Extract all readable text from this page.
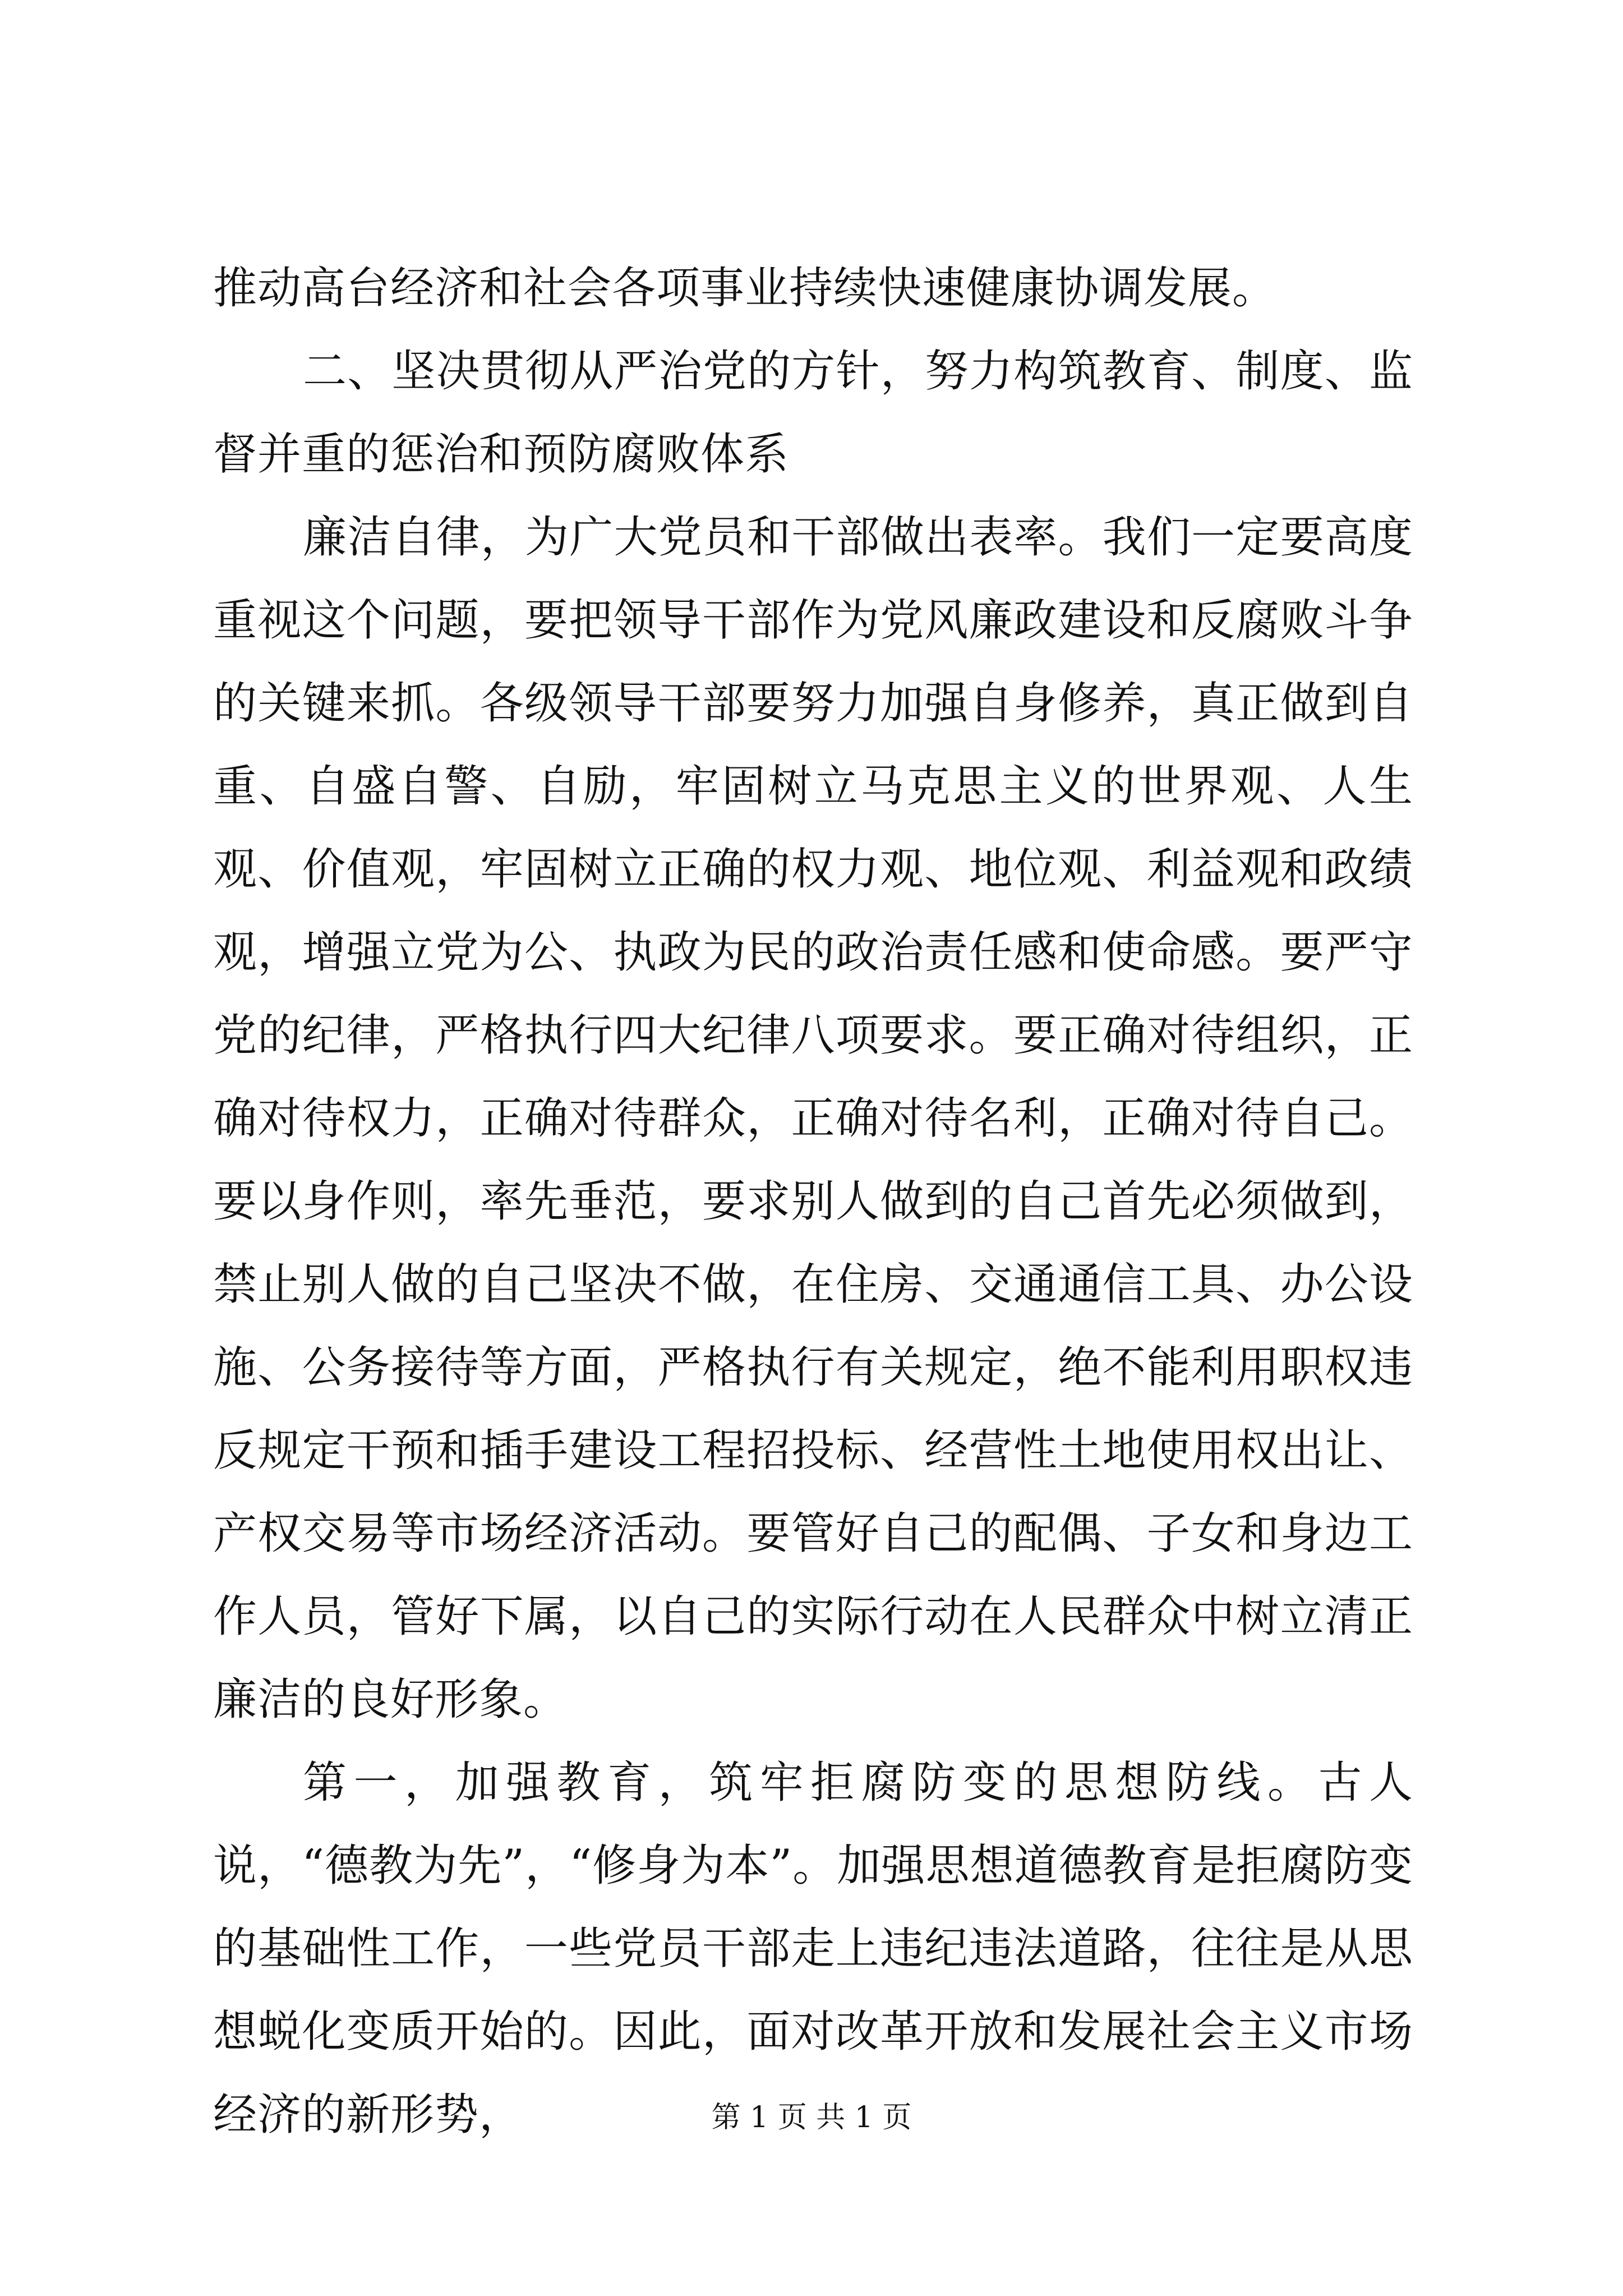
推动高台经济和社会各项事业持续快速健康协调发展。

二、坚决贯彻从严治党的方针，努力构筑教育、制度、监督并重的惩治和预防腐败体系

廉洁自律，为广大党员和干部做出表率。我们一定要高度重视这个问题，要把领导干部作为党风廉政建设和反腐败斗争的关键来抓。各级领导干部要努力加强自身修养，真正做到自重、自盛自警、自励，牢固树立马克思主义的世界观、人生观、价值观，牢固树立正确的权力观、地位观、利益观和政绩观，增强立党为公、执政为民的政治责任感和使命感。要严守党的纪律，严格执行四大纪律八项要求。要正确对待组织，正确对待权力，正确对待群众，正确对待名利，正确对待自己。要以身作则，率先垂范，要求别人做到的自己首先必须做到，禁止别人做的自己坚决不做，在住房、交通通信工具、办公设施、公务接待等方面，严格执行有关规定，绝不能利用职权违反规定干预和插手建设工程招投标、经营性土地使用权出让、产权交易等市场经济活动。要管好自己的配偶、子女和身边工作人员，管好下属，以自己的实际行动在人民群众中树立清正廉洁的良好形象。

第一，加强教育，筑牢拒腐防变的思想防线。古人说，“德教为先”，“修身为本”。加强思想道德教育是拒腐防变的基础性工作，一些党员干部走上违纪违法道路，往往是从思想蜕化变质开始的。因此，面对改革开放和发展社会主义市场经济的新形势，	第 1 页 共 1 页
